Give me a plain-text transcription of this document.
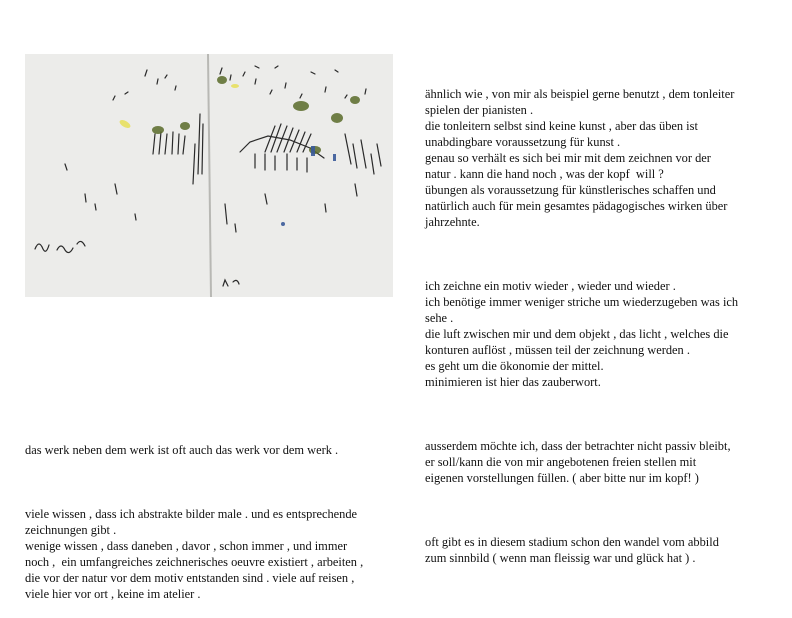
das werk neben dem werk ist oft auch das werk vor dem werk .

viele wissen , dass ich abstrakte bilder male . und es entsprechende
zeichnungen gibt .
wenige wissen , dass daneben , davor , schon immer , und immer
noch ,  ein umfangreiches zeichnerisches oeuvre existiert , arbeiten ,
die vor der natur vor dem motiv entstanden sind . viele auf reisen ,
viele hier vor ort , keine im atelier .

ähnlich wie , von mir als beispiel gerne benutzt , dem tonleiter
spielen der pianisten .
die tonleitern selbst sind keine kunst , aber das üben ist
unabdingbare voraussetzung für kunst .
genau so verhält es sich bei mir mit dem zeichnen vor der
natur . kann die hand noch , was der kopf  will ?
übungen als voraussetzung für künstlerisches schaffen und
natürlich auch für mein gesamtes pädagogisches wirken über
jahrzehnte.

ich zeichne ein motiv wieder , wieder und wieder .
ich benötige immer weniger striche um wiederzugeben was ich
sehe .
die luft zwischen mir und dem objekt , das licht , welches die
konturen auflöst , müssen teil der zeichnung werden .
es geht um die ökonomie der mittel.
minimieren ist hier das zauberwort.

ausserdem möchte ich, dass der betrachter nicht passiv bleibt,
er soll/kann die von mir angebotenen freien stellen mit
eigenen vorstellungen füllen. ( aber bitte nur im kopf! )

oft gibt es in diesem stadium schon den wandel vom abbild
zum sinnbild ( wenn man fleissig war und glück hat ) .
